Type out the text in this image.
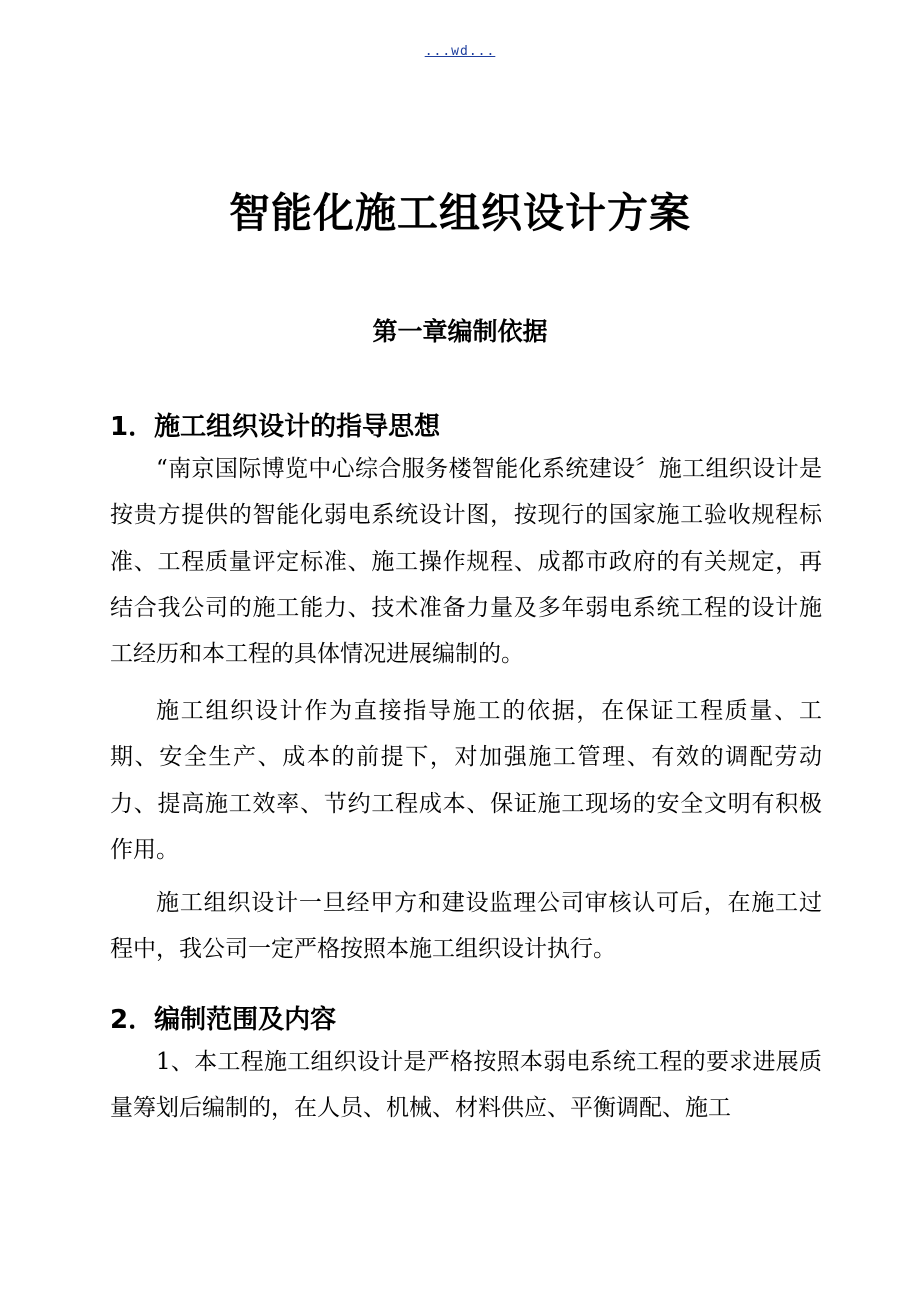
...wd...
智能化施工组织设计方案
第一章编制依据
1．施工组织设计的指导思想

“南京国际博览中心综合服务楼智能化系统建设〞施工组织设计是按贵方提供的智能化弱电系统设计图，按现行的国家施工验收规程标准、工程质量评定标准、施工操作规程、成都市政府的有关规定，再结合我公司的施工能力、技术准备力量及多年弱电系统工程的设计施工经历和本工程的具体情况进展编制的。

施工组织设计作为直接指导施工的依据，在保证工程质量、工期、安全生产、成本的前提下，对加强施工管理、有效的调配劳动力、提高施工效率、节约工程成本、保证施工现场的安全文明有积极作用。

施工组织设计一旦经甲方和建设监理公司审核认可后，在施工过程中，我公司一定严格按照本施工组织设计执行。

2．编制范围及内容

1、本工程施工组织设计是严格按照本弱电系统工程的要求进展质量筹划后编制的，在人员、机械、材料供应、平衡调配、施工
